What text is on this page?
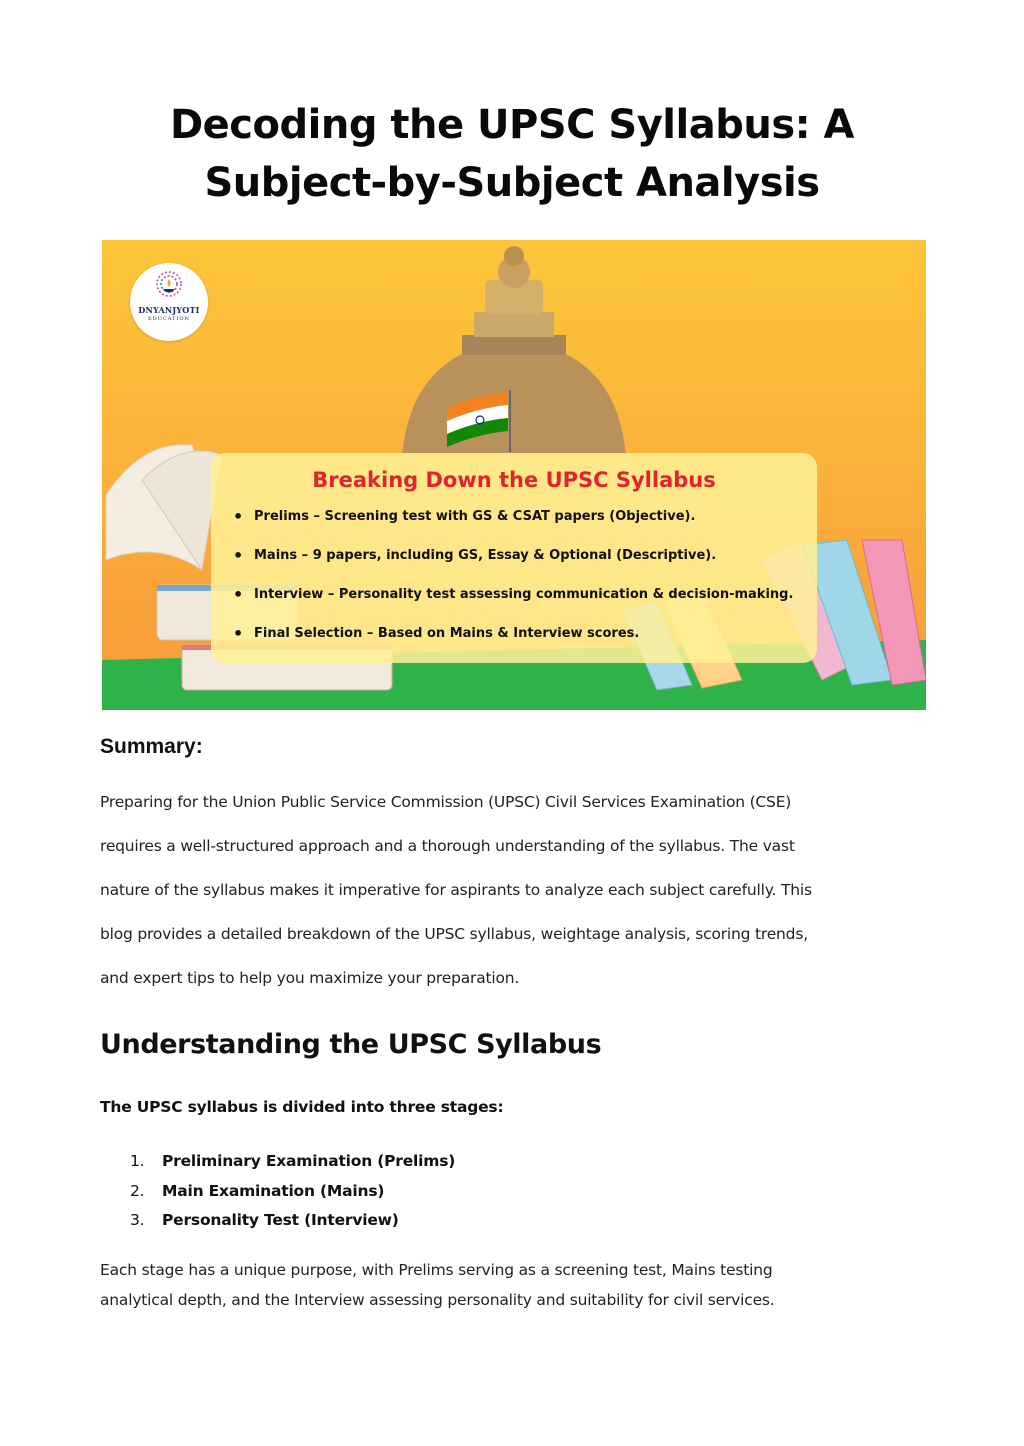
Decoding the UPSC Syllabus: A
Subject-by-Subject Analysis
DNYANJYOTI
EDUCATION
Breaking Down the UPSC Syllabus
• Prelims – Screening test with GS & CSAT papers (Objective).
• Mains – 9 papers, including GS, Essay & Optional (Descriptive).
• Interview – Personality test assessing communication & decision-making.
• Final Selection – Based on Mains & Interview scores.
Summary:

Preparing for the Union Public Service Commission (UPSC) Civil Services Examination (CSE)
requires a well-structured approach and a thorough understanding of the syllabus. The vast
nature of the syllabus makes it imperative for aspirants to analyze each subject carefully. This
blog provides a detailed breakdown of the UPSC syllabus, weightage analysis, scoring trends,
and expert tips to help you maximize your preparation.

Understanding the UPSC Syllabus

The UPSC syllabus is divided into three stages:

1. Preliminary Examination (Prelims)
2. Main Examination (Mains)
3. Personality Test (Interview)

Each stage has a unique purpose, with Prelims serving as a screening test, Mains testing
analytical depth, and the Interview assessing personality and suitability for civil services.
